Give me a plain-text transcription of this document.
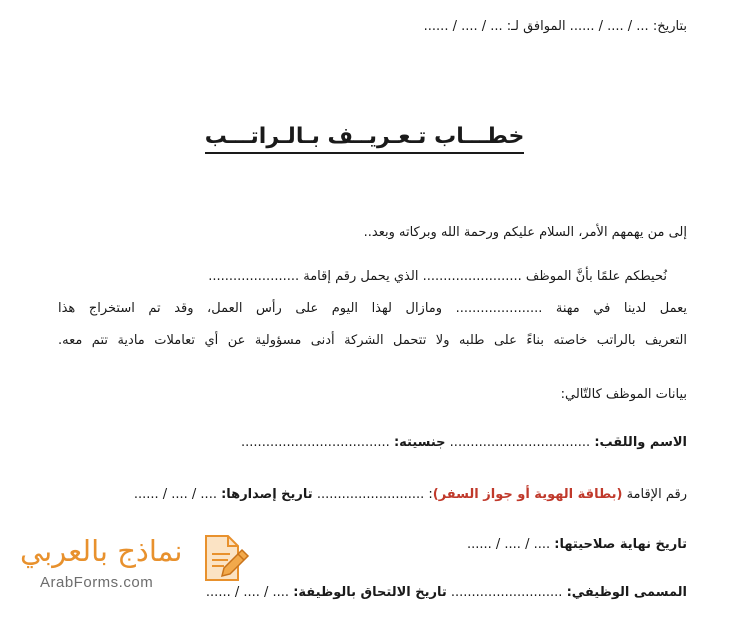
بتاريخ: ... / .... / ...... الموافق لـ: ... / .... / ......
خطـــاب تـعـريــف بـالـراتـــب
إلى من يهمهم الأمر، السلام عليكم ورحمة الله وبركاته وبعد..
نُحيطكم علمًا بأنَّ الموظف ........................ الذي يحمل رقم إقامة ......................
يعمل لدينا في مهنة ..................... ومازال لهذا اليوم على رأس العمل، وقد تم استخراج هذا
التعريف بالراتب خاصته بناءً على طلبه ولا تتحمل الشركة أدنى مسؤولية عن أي تعاملات مادية تتم معه.
بيانات الموظف كالتّالي:
الاسم واللقب: .................................. جنسيته: ....................................
رقم الإقامة (بطاقة الهوية أو جواز السفر): .......................... تاريخ إصدارها: .... / .... / ......
تاريخ نهاية صلاحيتها: .... / .... / ......
المسمى الوظيفي: ........................... تاريخ الالتحاق بالوظيفة: .... / .... / ......
نماذج بالعربي
ArabForms.com
